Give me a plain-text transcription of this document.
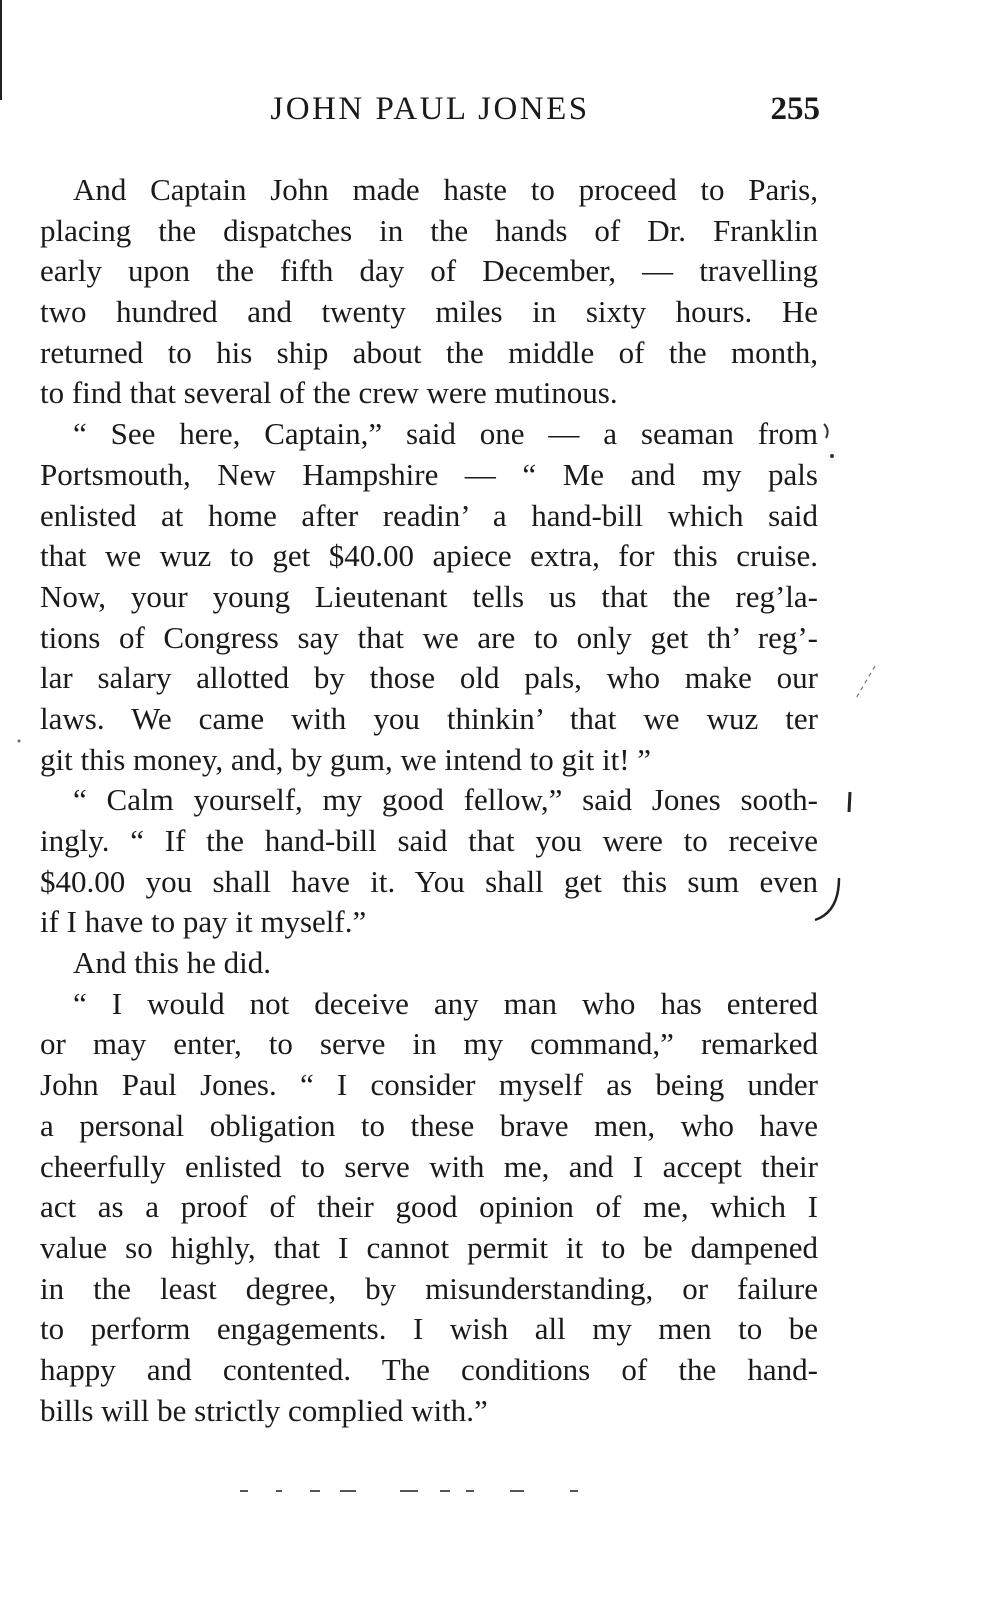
JOHN PAUL JONES	255
And Captain John made haste to proceed to Paris,
placing the dispatches in the hands of Dr. Franklin
early upon the fifth day of December, — travelling
two hundred and twenty miles in sixty hours. He
returned to his ship about the middle of the month,
to find that several of the crew were mutinous.
“ See here, Captain,” said one — a seaman from
Portsmouth, New Hampshire — “ Me and my pals
enlisted at home after readin’ a hand-bill which said
that we wuz to get $40.00 apiece extra, for this cruise.
Now, your young Lieutenant tells us that the reg’la-
tions of Congress say that we are to only get th’ reg’-
lar salary allotted by those old pals, who make our
laws. We came with you thinkin’ that we wuz ter
git this money, and, by gum, we intend to git it! ”
“ Calm yourself, my good fellow,” said Jones sooth-
ingly. “ If the hand-bill said that you were to receive
$40.00 you shall have it. You shall get this sum even
if I have to pay it myself.”
And this he did.
“ I would not deceive any man who has entered
or may enter, to serve in my command,” remarked
John Paul Jones. “ I consider myself as being under
a personal obligation to these brave men, who have
cheerfully enlisted to serve with me, and I accept their
act as a proof of their good opinion of me, which I
value so highly, that I cannot permit it to be dampened
in the least degree, by misunderstanding, or failure
to perform engagements. I wish all my men to be
happy and contented. The conditions of the hand-
bills will be strictly complied with.”
